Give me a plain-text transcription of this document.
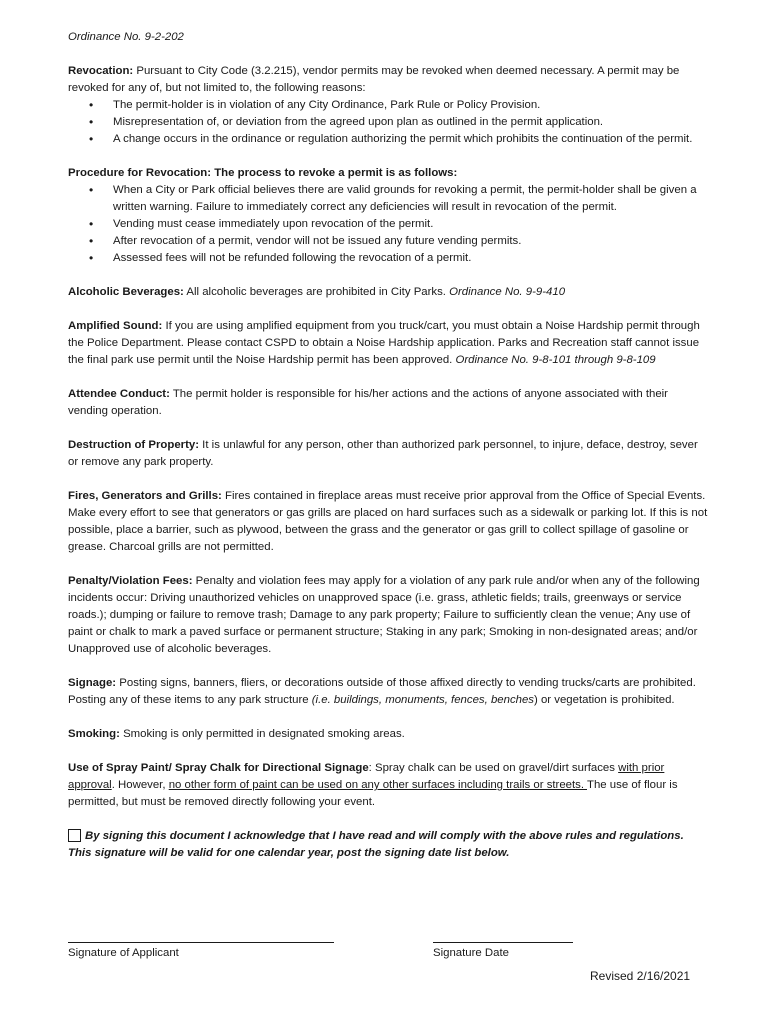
Ordinance No. 9-2-202

Revocation: Pursuant to City Code (3.2.215), vendor permits may be revoked when deemed necessary. A permit may be revoked for any of, but not limited to, the following reasons:

• The permit-holder is in violation of any City Ordinance, Park Rule or Policy Provision.
• Misrepresentation of, or deviation from the agreed upon plan as outlined in the permit application.
• A change occurs in the ordinance or regulation authorizing the permit which prohibits the continuation of the permit.

Procedure for Revocation: The process to revoke a permit is as follows:

• When a City or Park official believes there are valid grounds for revoking a permit, the permit-holder shall be given a written warning. Failure to immediately correct any deficiencies will result in revocation of the permit.
• Vending must cease immediately upon revocation of the permit.
• After revocation of a permit, vendor will not be issued any future vending permits.
• Assessed fees will not be refunded following the revocation of a permit.

Alcoholic Beverages: All alcoholic beverages are prohibited in City Parks. Ordinance No. 9-9-410

Amplified Sound: If you are using amplified equipment from you truck/cart, you must obtain a Noise Hardship permit through the Police Department. Please contact CSPD to obtain a Noise Hardship application. Parks and Recreation staff cannot issue the final park use permit until the Noise Hardship permit has been approved. Ordinance No. 9-8-101 through 9-8-109

Attendee Conduct: The permit holder is responsible for his/her actions and the actions of anyone associated with their vending operation.

Destruction of Property: It is unlawful for any person, other than authorized park personnel, to injure, deface, destroy, sever or remove any park property.

Fires, Generators and Grills: Fires contained in fireplace areas must receive prior approval from the Office of Special Events. Make every effort to see that generators or gas grills are placed on hard surfaces such as a sidewalk or parking lot. If this is not possible, place a barrier, such as plywood, between the grass and the generator or gas grill to collect spillage of gasoline or grease. Charcoal grills are not permitted.

Penalty/Violation Fees: Penalty and violation fees may apply for a violation of any park rule and/or when any of the following incidents occur: Driving unauthorized vehicles on unapproved space (i.e. grass, athletic fields; trails, greenways or service roads.); dumping or failure to remove trash; Damage to any park property; Failure to sufficiently clean the venue; Any use of paint or chalk to mark a paved surface or permanent structure; Staking in any park; Smoking in non-designated areas; and/or Unapproved use of alcoholic beverages.

Signage: Posting signs, banners, fliers, or decorations outside of those affixed directly to vending trucks/carts are prohibited. Posting any of these items to any park structure (i.e. buildings, monuments, fences, benches) or vegetation is prohibited.

Smoking: Smoking is only permitted in designated smoking areas.

Use of Spray Paint/ Spray Chalk for Directional Signage: Spray chalk can be used on gravel/dirt surfaces with prior approval. However, no other form of paint can be used on any other surfaces including trails or streets. The use of flour is permitted, but must be removed directly following your event.

By signing this document I acknowledge that I have read and will comply with the above rules and regulations.

This signature will be valid for one calendar year, post the signing date list below.

Signature of Applicant	Signature Date
Revised 2/16/2021
